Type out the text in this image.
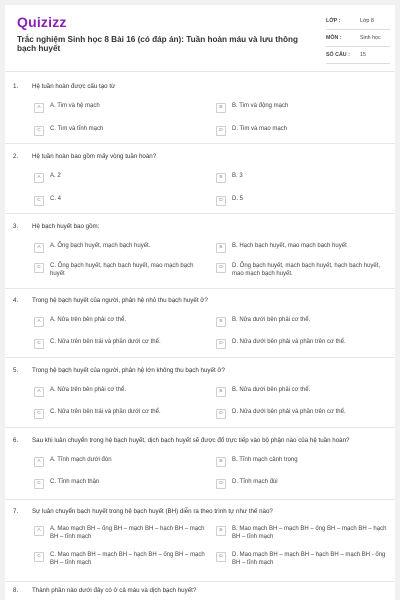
Quizizz
Trắc nghiệm Sinh học 8 Bài 16 (có đáp án): Tuần hoàn máu và lưu thông bạch huyết
LỚP :	Lớp 8
MÔN :	Sinh học
SỐ CÂU :	15
1. Hệ tuần hoàn được cấu tạo từ
A	A. Tim và hệ mạch	B	B. Tim và động mạch
C	C. Tim và tĩnh mạch	D	D. Tim và mao mạch
2. Hệ tuần hoàn bao gồm mấy vòng tuần hoàn?
A	A. 2	B	B. 3
C	C. 4	D	D. 5
3. Hệ bạch huyết bao gồm:
A	A. Ống bạch huyết, mạch bạch huyết.	B	B. Hạch bạch huyết, mao mạch bạch huyết
C	C. Ống bạch huyết, hạch bạch huyết, mao mạch bạch huyết
D	D. Ống bạch huyết, mạch bạch huyết, hạch bạch huyết, mao mạch bạch huyết.
4. Trong hệ bạch huyết của người, phân hệ nhỏ thu bạch huyết ở?
A	A. Nửa trên bên phải cơ thể.	B	B. Nửa dưới bên phải cơ thể.
C	C. Nửa trên bên trái và phần dưới cơ thể.	D	D. Nửa dưới bên phải và phần trên cơ thể.
5. Trong hệ bạch huyết của người, phân hệ lớn không thu bạch huyết ở?
A	A. Nửa trên bên phải cơ thể.	B	B. Nửa dưới bên phải cơ thể.
C	C. Nửa trên bên trái và phần dưới cơ thể.	D	D. Nửa dưới bên phải và phần trên cơ thể.
6. Sau khi luân chuyển trong hệ bạch huyết, dịch bạch huyết sẽ được đổ trực tiếp vào bộ phận nào của hệ tuần hoàn?
A	A. Tĩnh mạch dưới đòn	B	B. Tĩnh mạch cảnh trong
C	C. Tĩnh mạch thận	D	D. Tĩnh mạch đùi
7. Sự luân chuyển bạch huyết trong hệ bạch huyết (BH) diễn ra theo trình tự như thế nào?
A	A. Mao mạch BH – ống BH – mạch BH – hạch BH – mạch BH – tĩnh mạch
B	B. Mao mạch BH – mạch BH – ống BH – mạch BH – hạch BH – tĩnh mạch
C	C. Mao mạch BH – mạch BH – hạch BH – ống BH – mạch BH – tĩnh mạch
D	D. Mao mạch BH – mạch BH – hạch BH – mạch BH - ống BH – tĩnh mạch
8. Thành phần nào dưới đây có ở cả máu và dịch bạch huyết?
